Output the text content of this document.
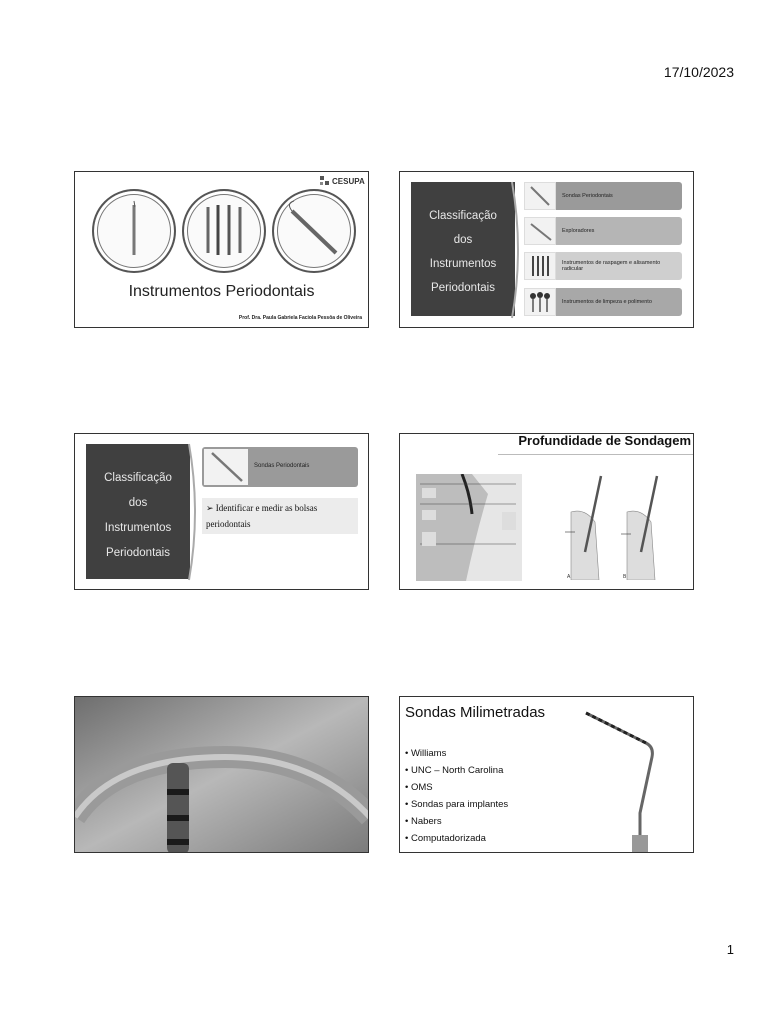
17/10/2023
CESUPA
Instrumentos Periodontais
Prof. Dra. Paula Gabriela Faciola Pessôa de Oliveira
Classificação
dos
Instrumentos
Periodontais
Sondas Periodontais
Exploradores
Instrumentos de raspagem e alisamento radicular
Instrumentos de limpeza e polimento
Classificação
dos
Instrumentos
Periodontais
Sondas Periodontais
➢ Identificar e medir as bolsas periodontais
Profundidade de Sondagem
A	B
Sondas Milimetradas
• Williams
• UNC – North Carolina
• OMS
• Sondas para implantes
• Nabers
• Computadorizada
1
